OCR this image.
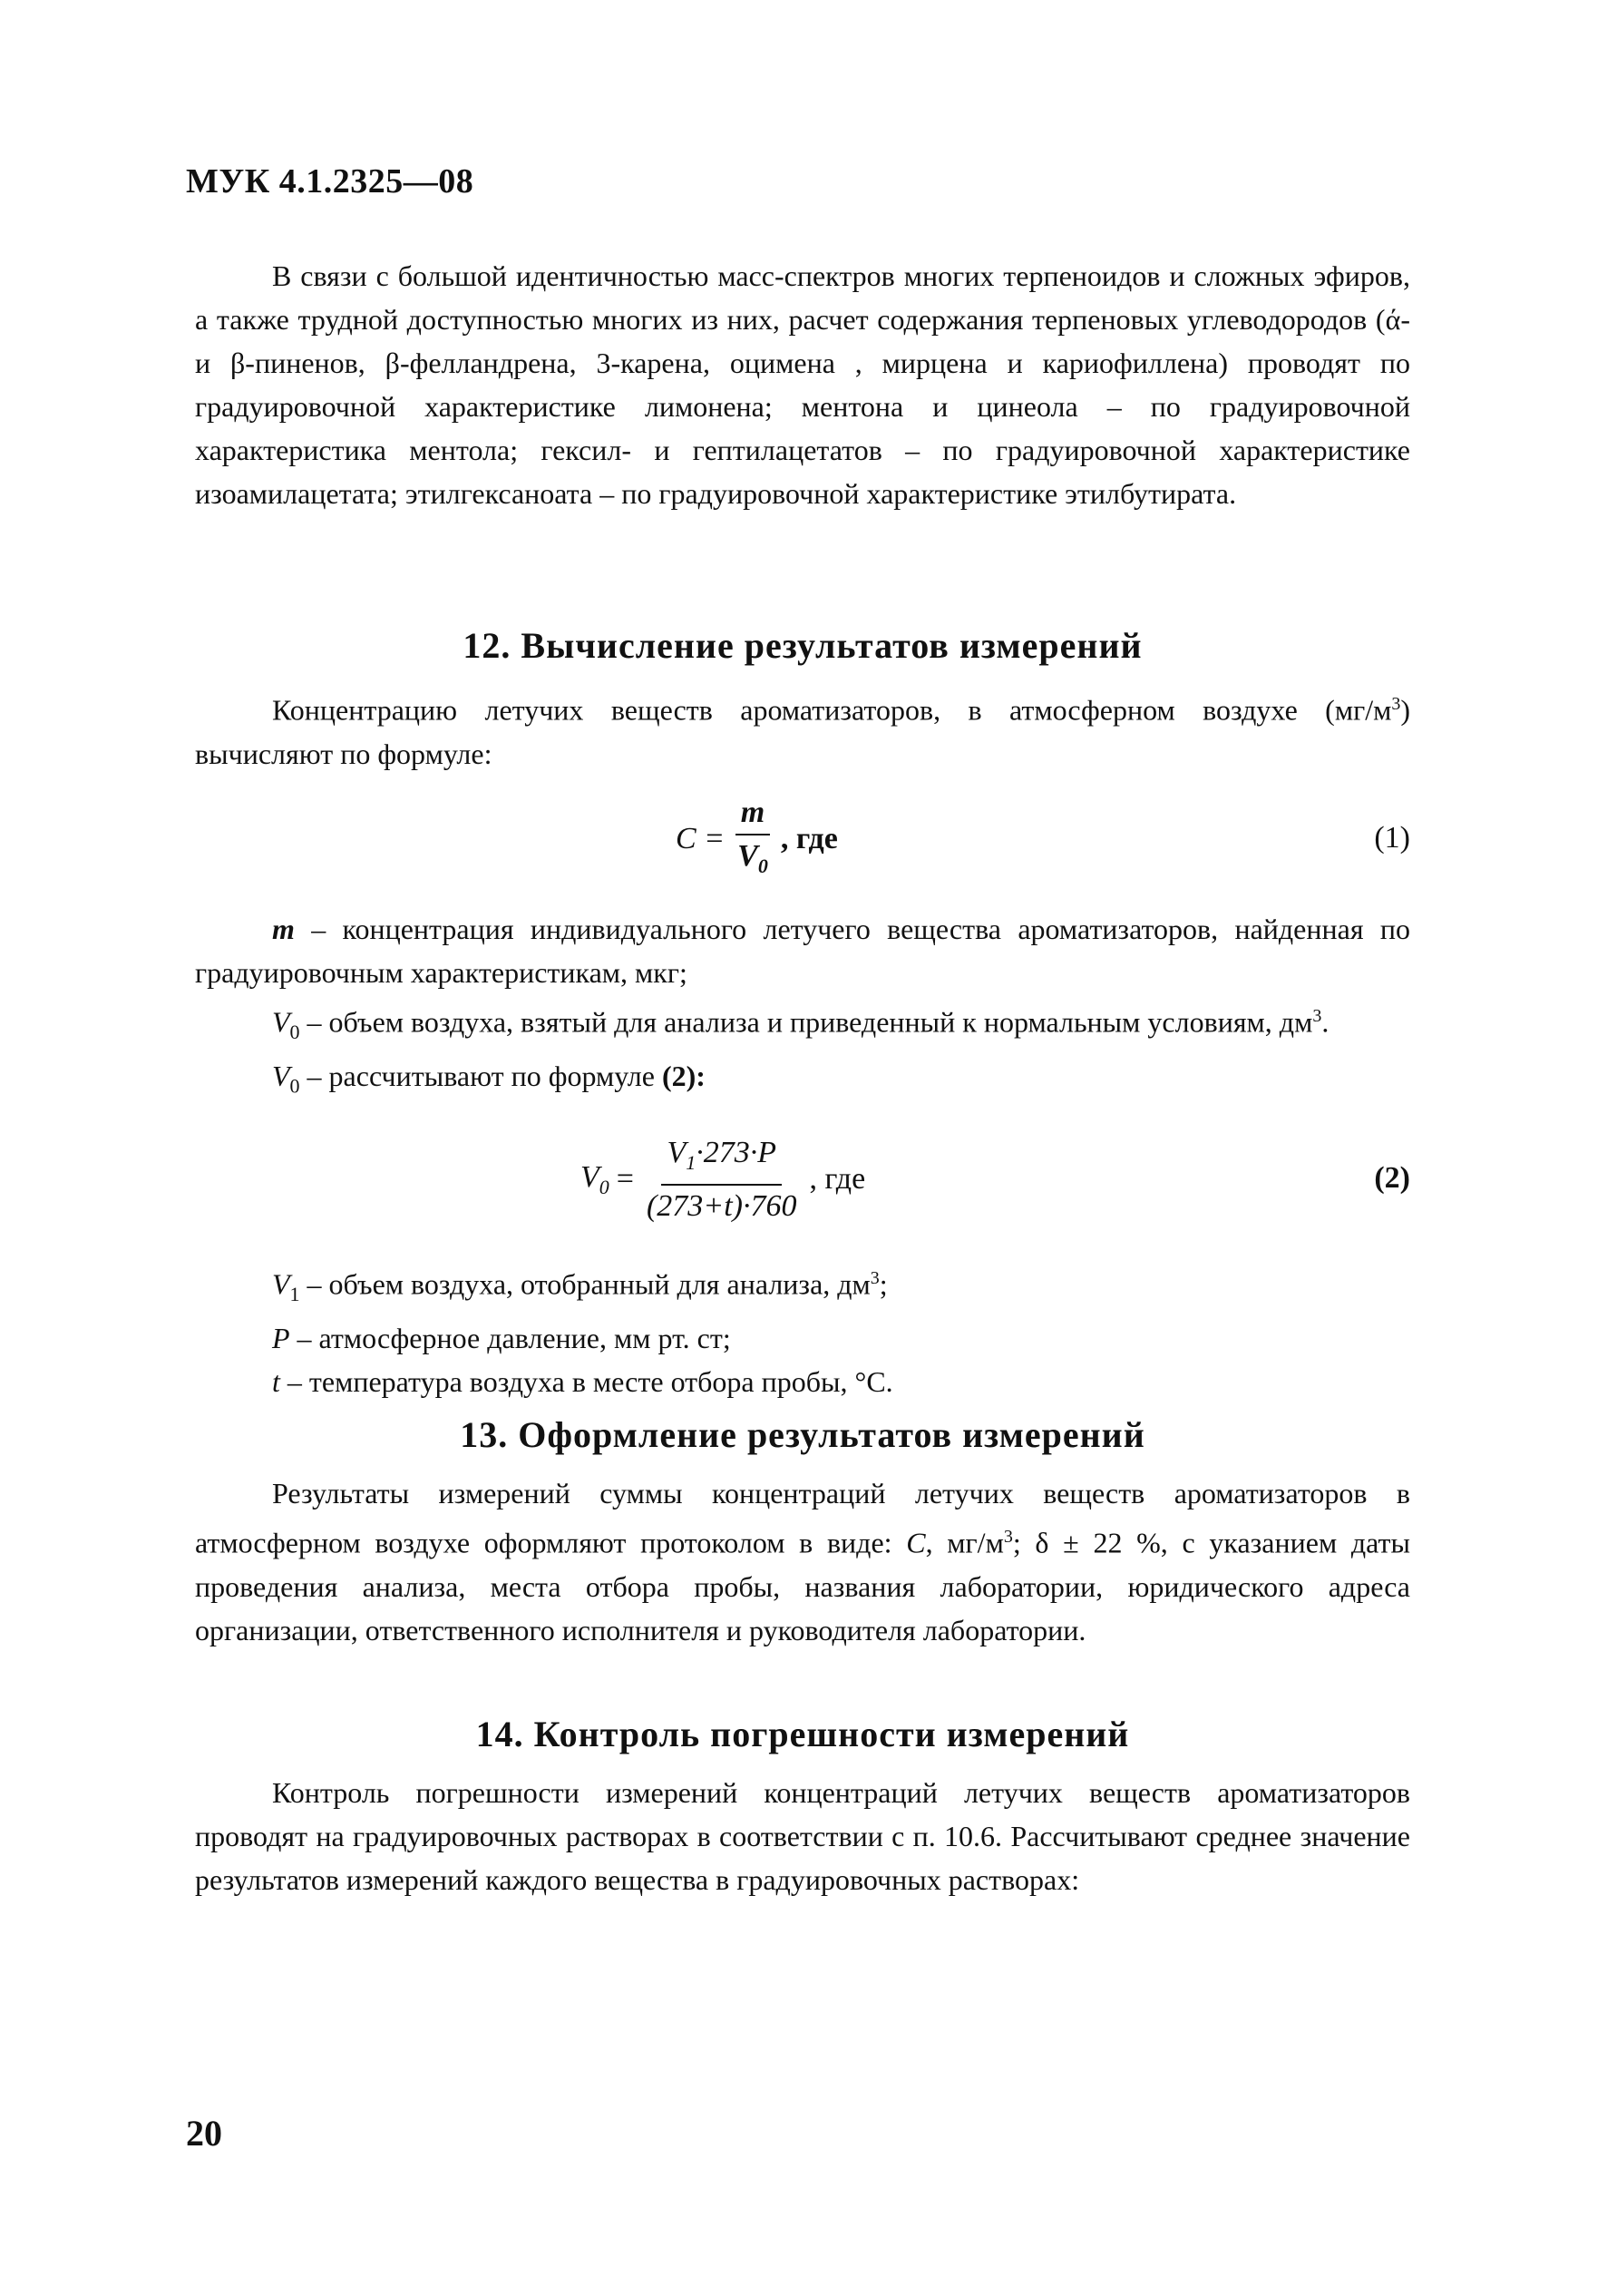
МУК 4.1.2325—08
В связи с большой идентичностью масс-спектров многих терпеноидов и сложных эфиров, а также трудной доступностью многих из них, расчет содержания терпеновых углеводородов (ά- и β-пиненов, β-фелландрена, 3-карена, оцимена , мирцена и кариофиллена) проводят по градуировочной характеристике лимонена; ментона и цинеола – по градуировочной характеристика ментола; гексил- и гептилацетатов – по градуировочной характеристике изоамилацетата; этилгексаноата – по градуировочной характеристике этилбутирата.
12. Вычисление результатов измерений
Концентрацию летучих веществ ароматизаторов, в атмосферном воздухе $(мг/м^3)$ вычисляют по формуле:
$C = \frac{m}{V_0}$ , где	(1)

m – концентрация индивидуального летучего вещества ароматизаторов, найденная по градуировочным характеристикам, мкг;

$V_0$ – объем воздуха, взятый для анализа и приведенный к нормальным условиям, $дм^3$.

$V_0$ – рассчитывают по формуле (2):

$V_0 = \frac{V_1\cdot 273\cdot P}{(273+t)\cdot 760}$ , где	(2)

$V_1$ – объем воздуха, отобранный для анализа, $дм^3$;

P – атмосферное давление, мм рт. ст;

t – температура воздуха в месте отбора пробы, °С.

13. Оформление результатов измерений
Результаты измерений суммы концентраций летучих веществ ароматизаторов в атмосферном воздухе оформляют протоколом в виде: С, $мг/м^3$; δ ± 22 %, с указанием даты проведения анализа, места отбора пробы, названия лаборатории, юридического адреса организации, ответственного исполнителя и руководителя лаборатории.
14. Контроль погрешности измерений
Контроль погрешности измерений концентраций летучих веществ ароматизаторов проводят на градуировочных растворах в соответствии с п. 10.6. Рассчитывают среднее значение результатов измерений каждого вещества в градуировочных растворах:
20
